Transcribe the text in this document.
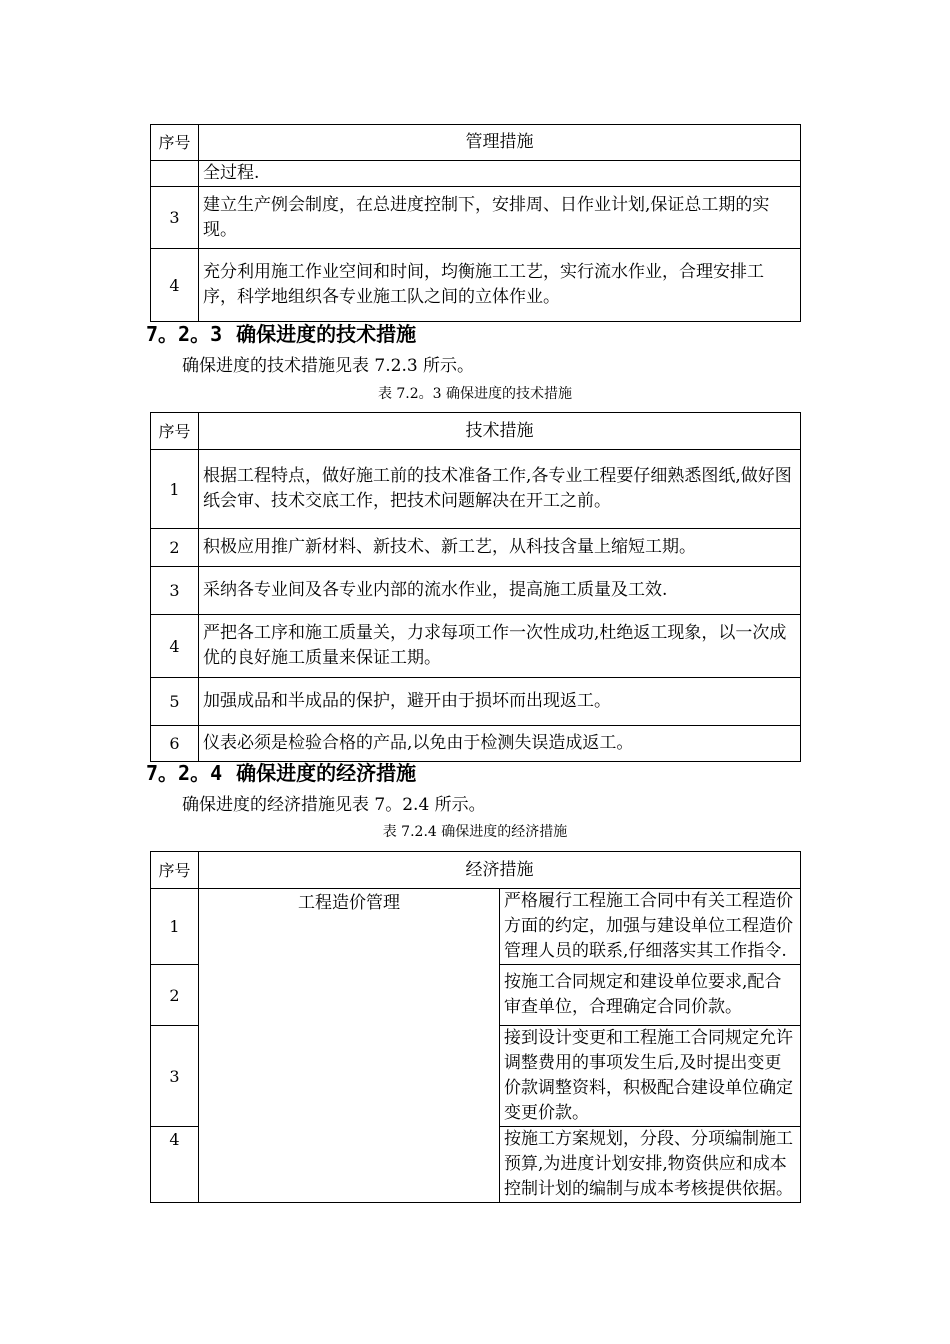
序号	管理措施
	全过程.
3	建立生产例会制度，在总进度控制下，安排周、日作业计划,保证总工期的实现。
4	充分利用施工作业空间和时间，均衡施工工艺，实行流水作业，合理安排工序，科学地组织各专业施工队之间的立体作业。

7。2。3 确保进度的技术措施

确保进度的技术措施见表 7.2.3 所示。

表 7.2。3 确保进度的技术措施

序号	技术措施
1	根据工程特点，做好施工前的技术准备工作,各专业工程要仔细熟悉图纸,做好图纸会审、技术交底工作，把技术问题解决在开工之前。
2	积极应用推广新材料、新技术、新工艺，从科技含量上缩短工期。
3	采纳各专业间及各专业内部的流水作业，提高施工质量及工效.
4	严把各工序和施工质量关，力求每项工作一次性成功,杜绝返工现象，以一次成优的良好施工质量来保证工期。
5	加强成品和半成品的保护，避开由于损坏而出现返工。
6	仪表必须是检验合格的产品,以免由于检测失误造成返工。

7。2。4 确保进度的经济措施

确保进度的经济措施见表 7。2.4 所示。

表 7.2.4 确保进度的经济措施

序号	经济措施	
1	工程造价管理	严格履行工程施工合同中有关工程造价方面的约定，加强与建设单位工程造价管理人员的联系,仔细落实其工作指令.
2		按施工合同规定和建设单位要求,配合审查单位，合理确定合同价款。
3		接到设计变更和工程施工合同规定允许调整费用的事项发生后,及时提出变更价款调整资料，积极配合建设单位确定变更价款。
4		按施工方案规划，分段、分项编制施工预算,为进度计划安排,物资供应和成本控制计划的编制与成本考核提供依据。
